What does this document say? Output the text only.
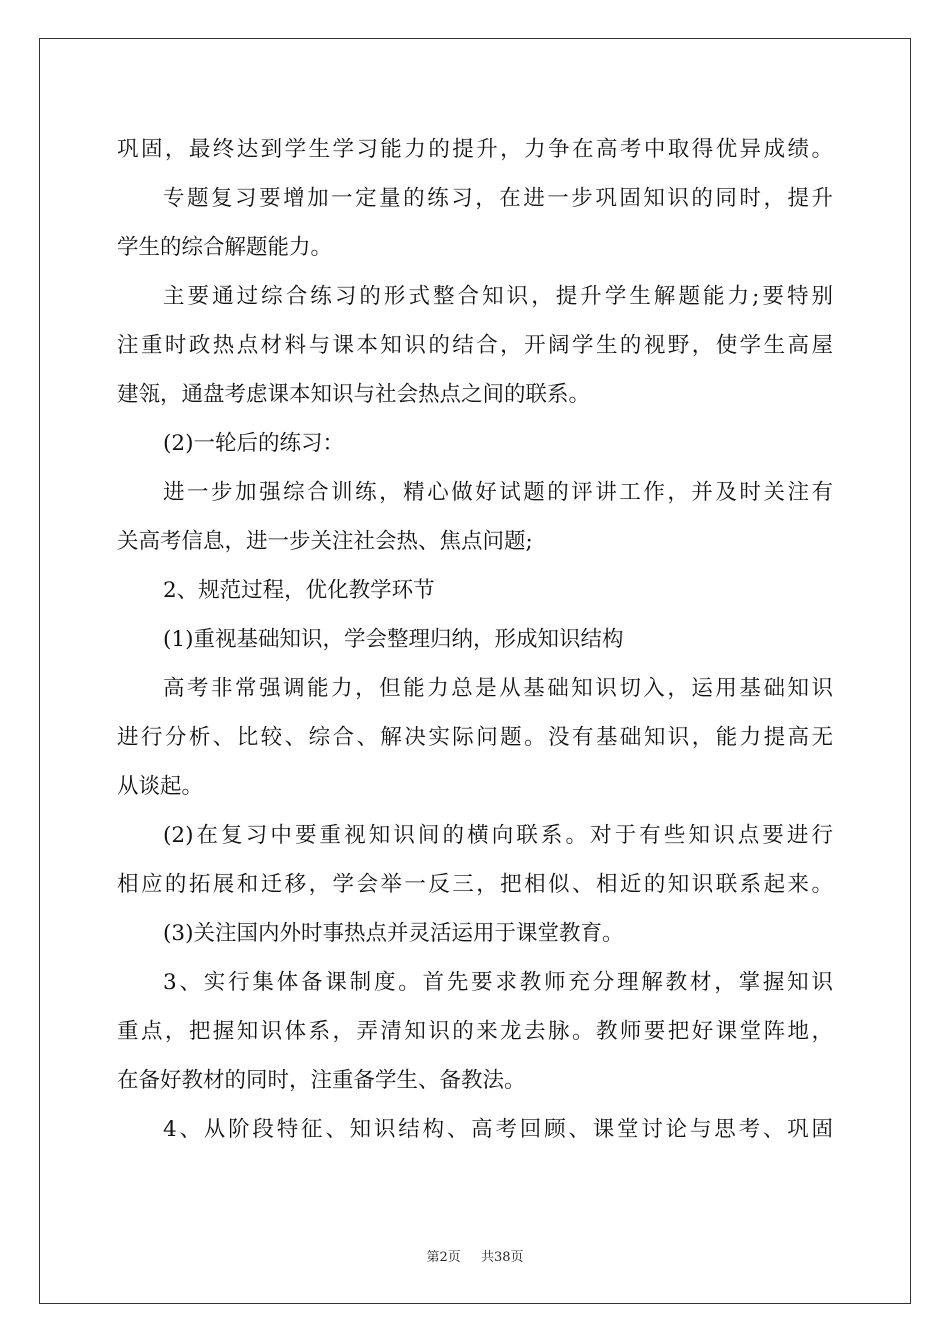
巩固，最终达到学生学习能力的提升，力争在高考中取得优异成绩。

专题复习要增加一定量的练习，在进一步巩固知识的同时，提升

学生的综合解题能力。

主要通过综合练习的形式整合知识，提升学生解题能力;要特别

注重时政热点材料与课本知识的结合，开阔学生的视野，使学生高屋

建瓴，通盘考虑课本知识与社会热点之间的联系。

(2)一轮后的练习：

进一步加强综合训练，精心做好试题的评讲工作，并及时关注有

关高考信息，进一步关注社会热、焦点问题;

2、规范过程，优化教学环节

(1)重视基础知识，学会整理归纳，形成知识结构

高考非常强调能力，但能力总是从基础知识切入，运用基础知识

进行分析、比较、综合、解决实际问题。没有基础知识，能力提高无

从谈起。

(2)在复习中要重视知识间的横向联系。对于有些知识点要进行

相应的拓展和迁移，学会举一反三，把相似、相近的知识联系起来。

(3)关注国内外时事热点并灵活运用于课堂教育。

3、实行集体备课制度。首先要求教师充分理解教材，掌握知识

重点，把握知识体系，弄清知识的来龙去脉。教师要把好课堂阵地，

在备好教材的同时，注重备学生、备教法。

4、从阶段特征、知识结构、高考回顾、课堂讨论与思考、巩固

第2页 共38页
